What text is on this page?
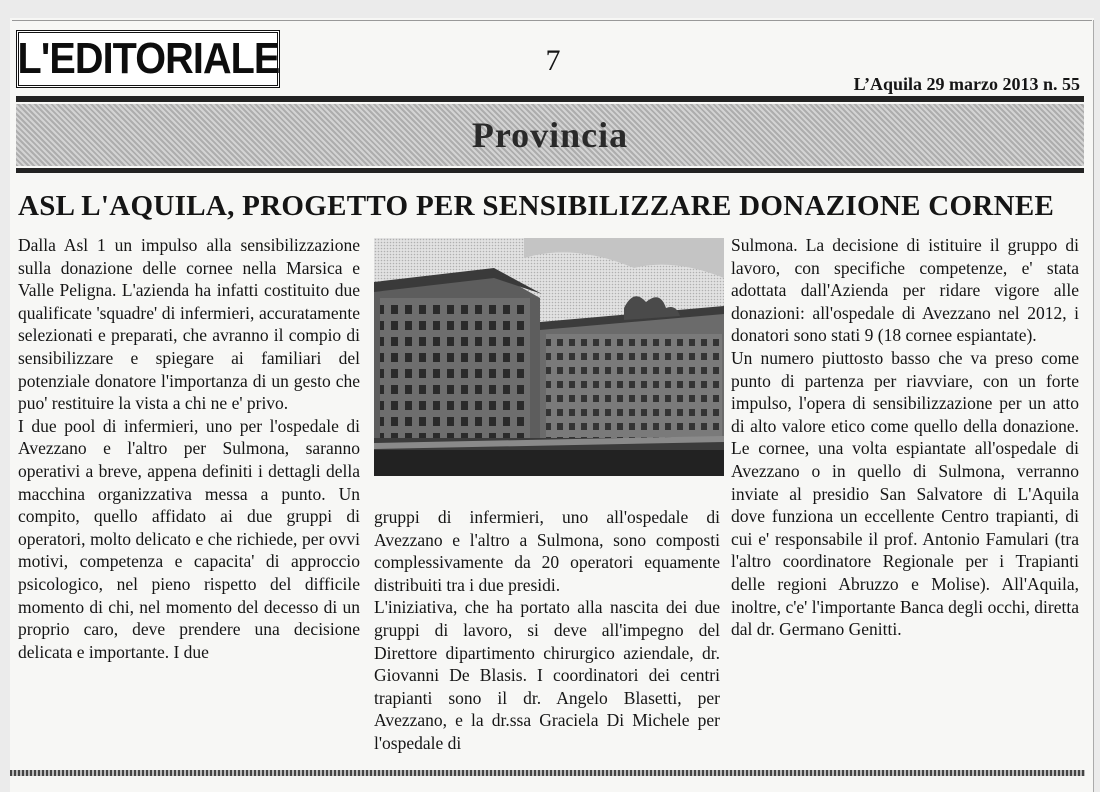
L'EDITORIALE	7
L’Aquila 29 marzo 2013 n. 55
Provincia
ASL L'AQUILA, PROGETTO PER SENSIBILIZZARE DONAZIONE CORNEE

Dalla Asl 1 un impulso alla sensibilizzazione sulla donazione delle cornee nella Marsica e Valle Peligna. L'azienda ha infatti costituito due qualificate 'squadre' di infermieri, accuratamente selezionati e preparati, che avranno il compio di sensibilizzare e spiegare ai familiari del potenziale donatore l'importanza di un gesto che puo' restituire la vista a chi ne e' privo.

I due pool di infermieri, uno per l'ospedale di Avezzano e l'altro per Sulmona, saranno operativi a breve, appena definiti i dettagli della macchina organizzativa messa a punto. Un compito, quello affidato ai due gruppi di operatori, molto delicato e che richiede, per ovvi motivi, competenza e capacita' di approccio psicologico, nel pieno rispetto del difficile momento di chi, nel momento del decesso di un proprio caro, deve prendere una decisione delicata e importante. I due

gruppi di infermieri, uno all'ospedale di Avezzano e l'altro a Sulmona, sono composti complessivamente da 20 operatori equamente distribuiti tra i due presidi.

L'iniziativa, che ha portato alla nascita dei due gruppi di lavoro, si deve all'impegno del Direttore dipartimento chirurgico aziendale, dr. Giovanni De Blasis. I coordinatori dei centri trapianti sono il dr. Angelo Blasetti, per Avezzano, e la dr.ssa Graciela Di Michele per l'ospedale di

Sulmona. La decisione di istituire il gruppo di lavoro, con specifiche competenze, e' stata adottata dall'Azienda per ridare vigore alle donazioni: all'ospedale di Avezzano nel 2012, i donatori sono stati 9 (18 cornee espiantate).

Un numero piuttosto basso che va preso come punto di partenza per riavviare, con un forte impulso, l'opera di sensibilizzazione per un atto di alto valore etico come quello della donazione. Le cornee, una volta espiantate all'ospedale di Avezzano o in quello di Sulmona, verranno inviate al presidio San Salvatore di L'Aquila dove funziona un eccellente Centro trapianti, di cui e' responsabile il prof. Antonio Famulari (tra l'altro coordinatore Regionale per i Trapianti delle regioni Abruzzo e Molise). All'Aquila, inoltre, c'e' l'importante Banca degli occhi, diretta dal dr. Germano Genitti.
